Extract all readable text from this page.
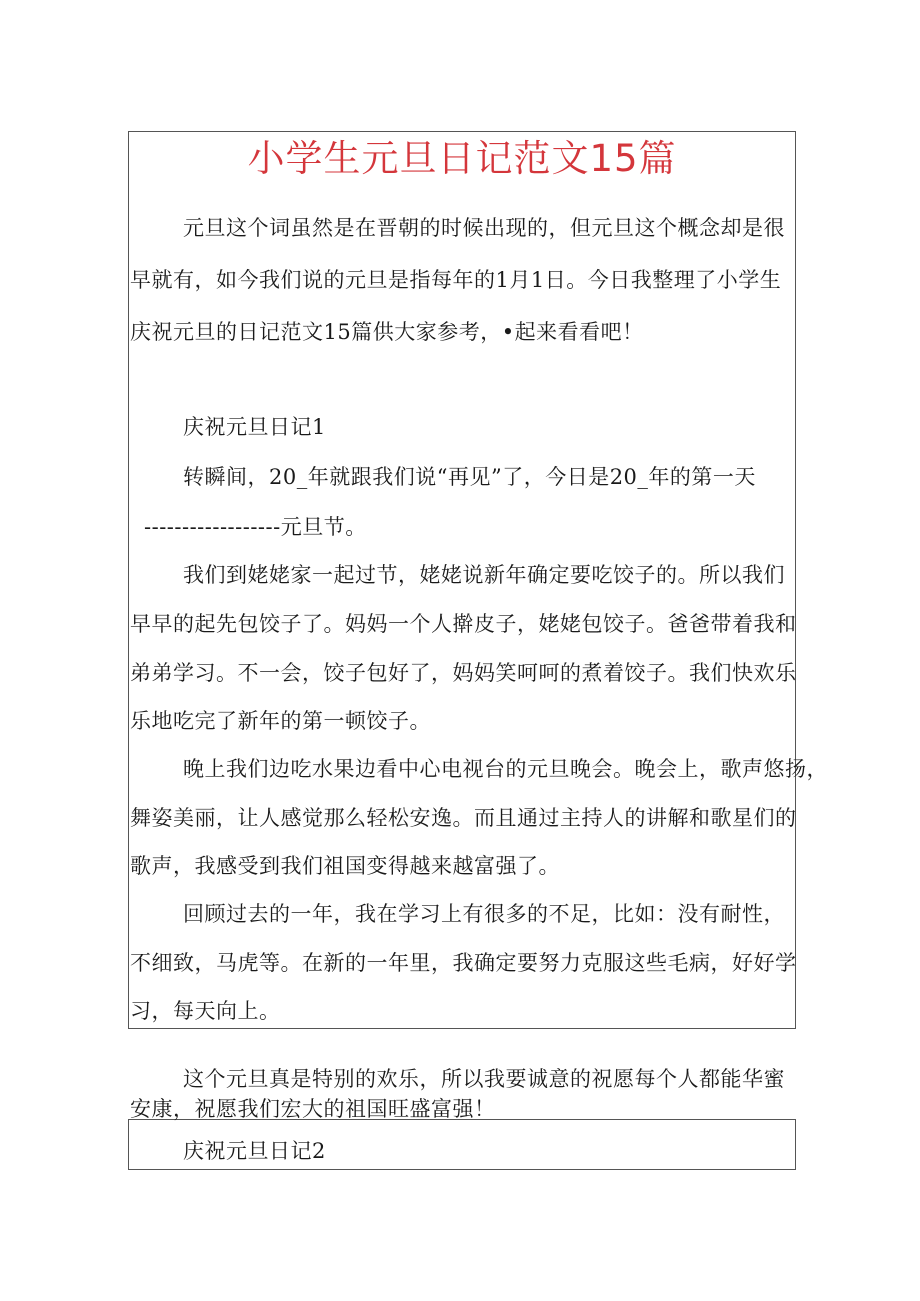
小学生元旦日记范文15篇
元旦这个词虽然是在晋朝的时候出现的，但元旦这个概念却是很
早就有，如今我们说的元旦是指每年的1月1日。今日我整理了小学生
庆祝元旦的日记范文15篇供大家参考，•起来看看吧！
庆祝元旦日记1
转瞬间，20_年就跟我们说“再见”了，今日是20_年的第一天
------------------元旦节。
我们到姥姥家一起过节，姥姥说新年确定要吃饺子的。所以我们
早早的起先包饺子了。妈妈一个人擀皮子，姥姥包饺子。爸爸带着我和
弟弟学习。不一会，饺子包好了，妈妈笑呵呵的煮着饺子。我们快欢乐
乐地吃完了新年的第一顿饺子。
晚上我们边吃水果边看中心电视台的元旦晚会。晚会上，歌声悠扬，
舞姿美丽，让人感觉那么轻松安逸。而且通过主持人的讲解和歌星们的
歌声，我感受到我们祖国变得越来越富强了。
回顾过去的一年，我在学习上有很多的不足，比如：没有耐性，
不细致，马虎等。在新的一年里，我确定要努力克服这些毛病，好好学
习，每天向上。
这个元旦真是特别的欢乐，所以我要诚意的祝愿每个人都能华蜜
安康，祝愿我们宏大的祖国旺盛富强！
庆祝元旦日记2
